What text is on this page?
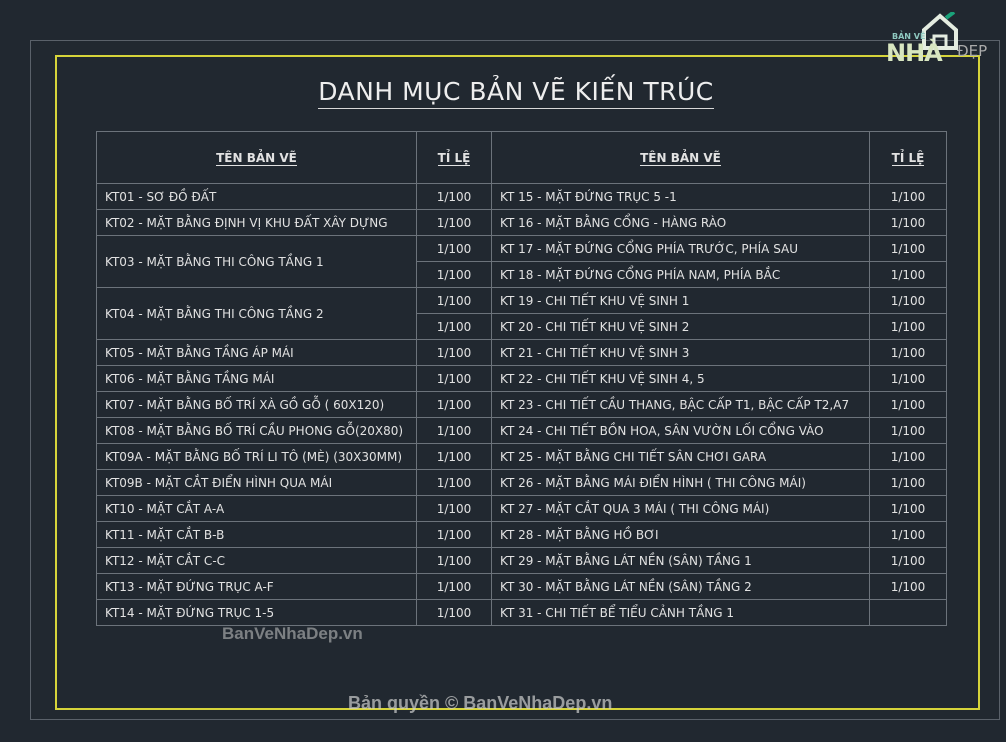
BẢN VẼ
NHÀ ĐẸP
DANH MỤC BẢN VẼ KIẾN TRÚC
TÊN BẢN VẼ	TỈ LỆ	TÊN BẢN VẼ	TỈ LỆ
KT01 - SƠ ĐỒ ĐẤT	1/100	KT 15 - MẶT ĐỨNG TRỤC 5 -1	1/100
KT02 - MẶT BẰNG ĐỊNH VỊ KHU ĐẤT XÂY DỰNG	1/100	KT 16 - MẶT BẰNG CỔNG - HÀNG RÀO	1/100
KT03 - MẶT BẰNG THI CÔNG TẦNG 1	1/100	KT 17 - MẶT ĐỨNG CỔNG PHÍA TRƯỚC, PHÍA SAU	1/100
	1/100	KT 18 - MẶT ĐỨNG CỔNG PHÍA NAM, PHÍA BẮC	1/100
KT04 - MẶT BẰNG THI CÔNG TẦNG 2	1/100	KT 19 - CHI TIẾT KHU VỆ SINH 1	1/100
	1/100	KT 20 - CHI TIẾT KHU VỆ SINH 2	1/100
KT05 - MẶT BẰNG TẦNG ÁP MÁI	1/100	KT 21 - CHI TIẾT KHU VỆ SINH 3	1/100
KT06 - MẶT BẰNG TẦNG MÁI	1/100	KT 22 - CHI TIẾT KHU VỆ SINH 4, 5	1/100
KT07 - MẶT BẰNG BỐ TRÍ XÀ GỒ GỖ ( 60X120)	1/100	KT 23 - CHI TIẾT CẦU THANG, BẬC CẤP T1, BẬC CẤP T2,A7	1/100
KT08 - MẶT BẰNG BỐ TRÍ CẦU PHONG GỖ(20X80)	1/100	KT 24 - CHI TIẾT BỒN HOA, SÂN VƯỜN LỐI CỔNG VÀO	1/100
KT09A - MẶT BẰNG BỐ TRÍ LI TÔ (MÈ) (30X30MM)	1/100	KT 25 - MẶT BẰNG CHI TIẾT SÂN CHƠI GARA	1/100
KT09B - MẶT CẮT ĐIỂN HÌNH QUA MÁI	1/100	KT 26 - MẶT BẰNG MÁI ĐIỂN HÌNH ( THI CÔNG MÁI)	1/100
KT10 - MẶT CẮT A-A	1/100	KT 27 - MẶT CẮT QUA 3 MÁI ( THI CÔNG MÁI)	1/100
KT11 - MẶT CẮT B-B	1/100	KT 28 - MẶT BẰNG HỒ BƠI	1/100
KT12 - MẶT CẮT C-C	1/100	KT 29 - MẶT BẰNG LÁT NỀN (SÂN) TẦNG 1	1/100
KT13 - MẶT ĐỨNG TRỤC A-F	1/100	KT 30 - MẶT BẰNG LÁT NỀN (SÂN) TẦNG 2	1/100
KT14 - MẶT ĐỨNG TRỤC 1-5	1/100	KT 31 - CHI TIẾT BỂ TIỂU CẢNH TẦNG 1	
BanVeNhaDep.vn
Bản quyền © BanVeNhaDep.vn
